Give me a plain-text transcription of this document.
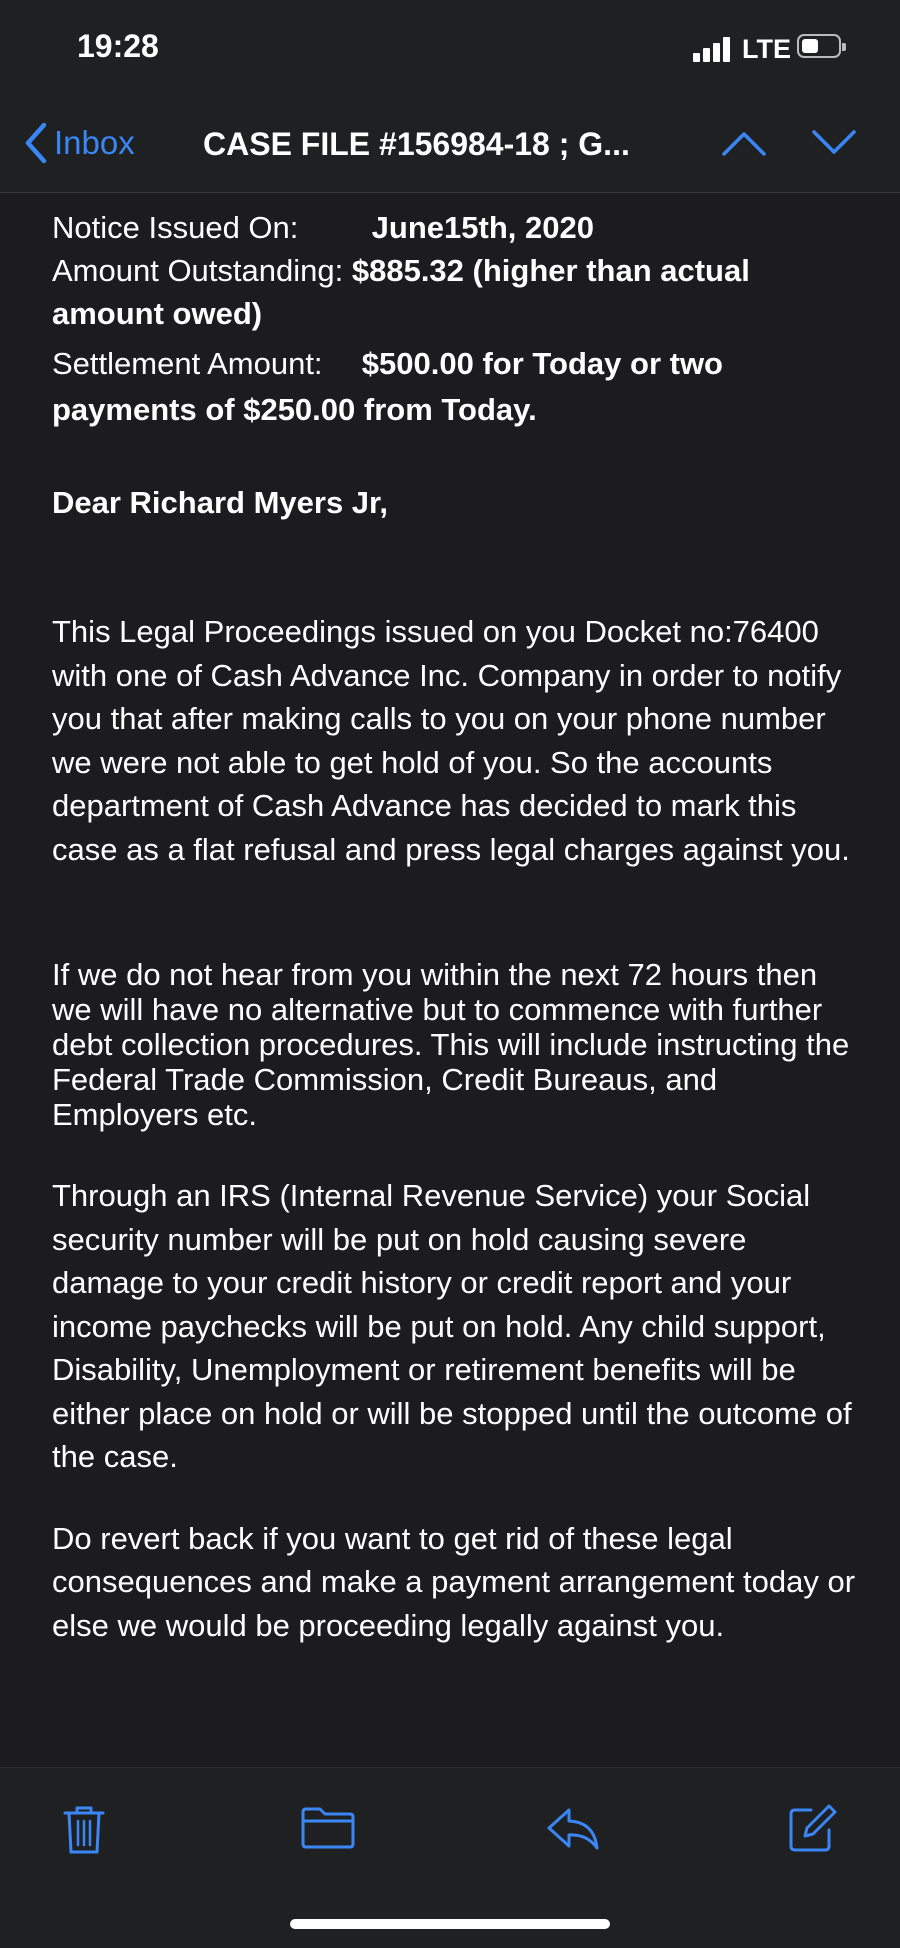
19:28	LTE
Inbox CASE FILE #156984-18 ; G...
Notice Issued On: June15th, 2020
Amount Outstanding: $885.32 (higher than actual amount owed)
Settlement Amount: $500.00 for Today or two payments of $250.00 from Today.
Dear Richard Myers Jr,
This Legal Proceedings issued on you Docket no:76400 with one of Cash Advance Inc. Company in order to notify you that after making calls to you on your phone number we were not able to get hold of you. So the accounts department of Cash Advance has decided to mark this case as a flat refusal and press legal charges against you.
If we do not hear from you within the next 72 hours then we will have no alternative but to commence with further debt collection procedures. This will include instructing the Federal Trade Commission, Credit Bureaus, and Employers etc.
Through an IRS (Internal Revenue Service) your Social security number will be put on hold causing severe damage to your credit history or credit report and your income paychecks will be put on hold. Any child support, Disability, Unemployment or retirement benefits will be either place on hold or will be stopped until the outcome of the case.
Do revert back if you want to get rid of these legal consequences and make a payment arrangement today or else we would be proceeding legally against you.
